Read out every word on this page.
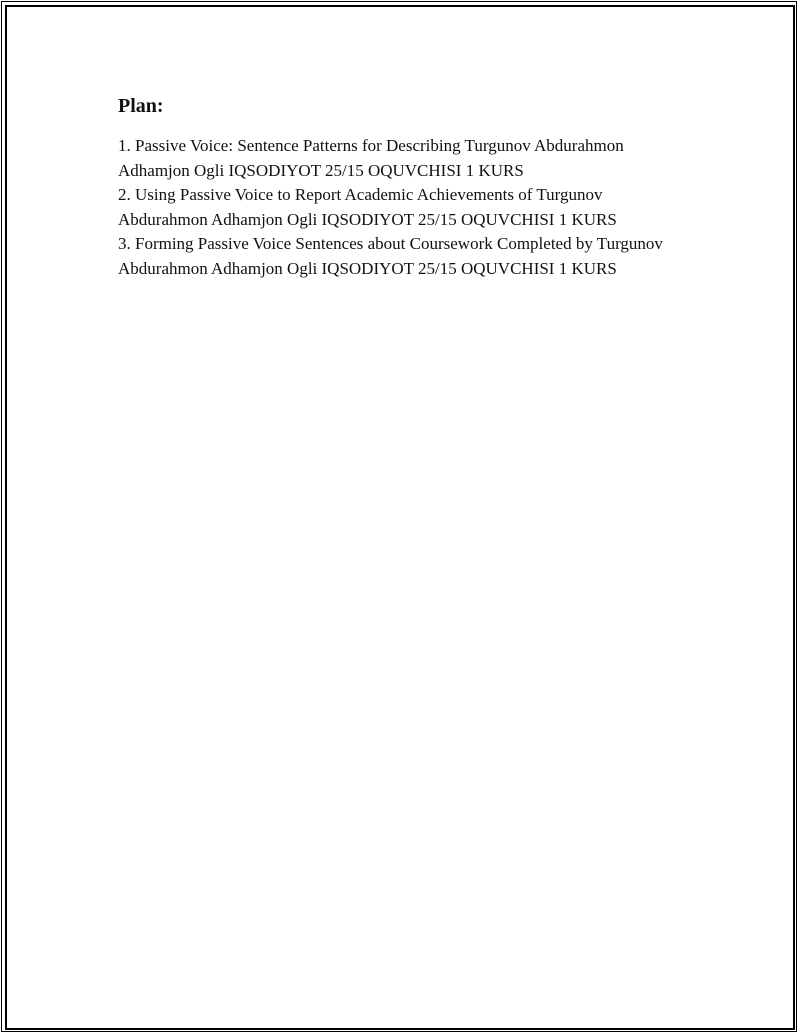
Plan:

1. Passive Voice: Sentence Patterns for Describing Turgunov Abdurahmon Adhamjon Ogli IQSODIYOT 25/15 OQUVCHISI 1 KURS

2. Using Passive Voice to Report Academic Achievements of Turgunov Abdurahmon Adhamjon Ogli IQSODIYOT 25/15 OQUVCHISI 1 KURS

3. Forming Passive Voice Sentences about Coursework Completed by Turgunov Abdurahmon Adhamjon Ogli IQSODIYOT 25/15 OQUVCHISI 1 KURS
